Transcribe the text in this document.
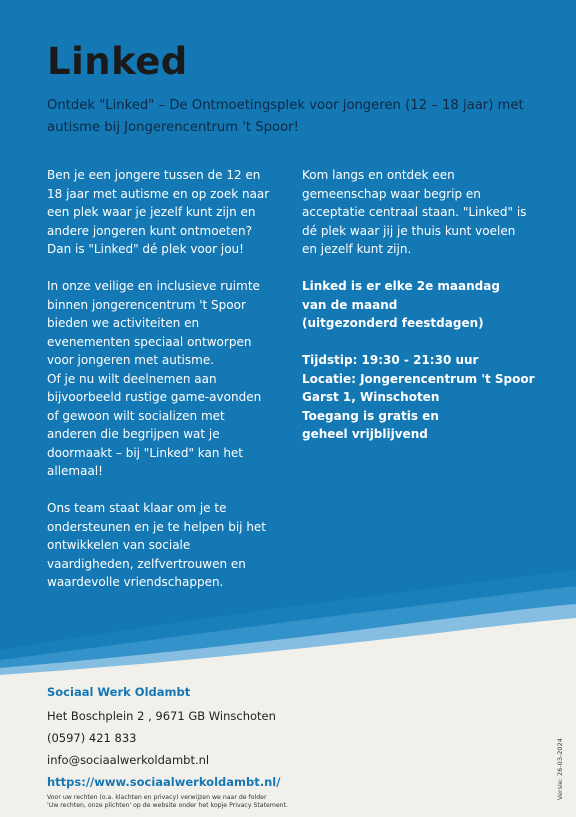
Linked

Ontdek "Linked" – De Ontmoetingsplek voor jongeren (12 – 18 jaar) met autisme bij Jongerencentrum 't Spoor!

Ben je een jongere tussen de 12 en
18 jaar met autisme en op zoek naar
een plek waar je jezelf kunt zijn en
andere jongeren kunt ontmoeten?
Dan is "Linked" dé plek voor jou!

In onze veilige en inclusieve ruimte
binnen jongerencentrum 't Spoor
bieden we activiteiten en
evenementen speciaal ontworpen
voor jongeren met autisme.
Of je nu wilt deelnemen aan
bijvoorbeeld rustige game-avonden
of gewoon wilt socializen met
anderen die begrijpen wat je
doormaakt – bij "Linked" kan het
allemaal!

Ons team staat klaar om je te
ondersteunen en je te helpen bij het
ontwikkelen van sociale
vaardigheden, zelfvertrouwen en
waardevolle vriendschappen.

Kom langs en ontdek een
gemeenschap waar begrip en
acceptatie centraal staan. "Linked" is
dé plek waar jij je thuis kunt voelen
en jezelf kunt zijn.

Linked is er elke 2e maandag
van de maand
(uitgezonderd feestdagen)

Tijdstip: 19:30 - 21:30 uur
Locatie: Jongerencentrum 't Spoor
Garst 1, Winschoten
Toegang is gratis en
geheel vrijblijvend

Sociaal Werk Oldambt
Het Boschplein 2 , 9671 GB Winschoten
(0597) 421 833
info@sociaalwerkoldambt.nl
https://www.sociaalwerkoldambt.nl/
Voor uw rechten (o.a. klachten en privacy) verwijzen we naar de folder
'Uw rechten, onze plichten' op de website onder het kopje Privacy Statement.
Versie: 26-03-2024
